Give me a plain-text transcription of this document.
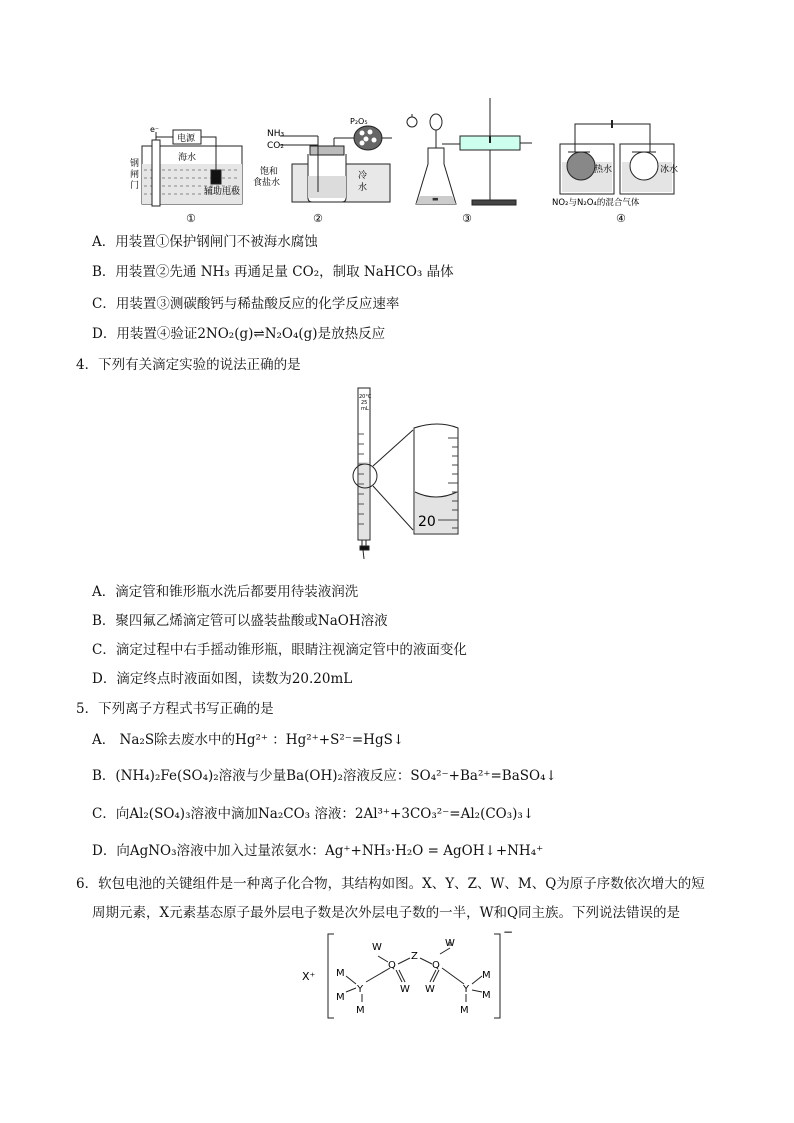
电源
e⁻
钢
闸
门
海水
辅助电极
NH₃
CO₂
P₂O₅
饱和
食盐水
冷
水
▬
热水	冰水
NO₂与N₂O₄的混合气体
①	②	③	④
A．用装置①保护钢闸门不被海水腐蚀
B．用装置②先通 NH₃ 再通足量 CO₂，制取 NaHCO₃ 晶体
C．用装置③测碳酸钙与稀盐酸反应的化学反应速率
D．用装置④验证2NO₂(g)⇌N₂O₄(g)是放热反应
4．下列有关滴定实验的说法正确的是
20°C
25
mL
20
A．滴定管和锥形瓶水洗后都要用待装液润洗
B．聚四氟乙烯滴定管可以盛装盐酸或NaOH溶液
C．滴定过程中右手摇动锥形瓶，眼睛注视滴定管中的液面变化
D．滴定终点时液面如图，读数为20.20mL
5．下列离子方程式书写正确的是
A． Na₂S除去废水中的Hg²⁺ ：Hg²⁺+S²⁻=HgS↓
B．(NH₄)₂Fe(SO₄)₂溶液与少量Ba(OH)₂溶液反应：SO₄²⁻+Ba²⁺=BaSO₄↓
C．向Al₂(SO₄)₃溶液中滴加Na₂CO₃ 溶液：2Al³⁺+3CO₃²⁻=Al₂(CO₃)₃↓
D．向AgNO₃溶液中加入过量浓氨水：Ag⁺+NH₃·H₂O = AgOH↓+NH₄⁺
6．软包电池的关键组件是一种离子化合物，其结构如图。X、Y、Z、W、M、Q为原子序数依次增大的短
周期元素，X元素基态原子最外层电子数是次外层电子数的一半，W和Q同主族。下列说法错误的是
X⁺ M
M
Y
M
W
Q
W
Z
Q
W
W	Y
M
M
M
−
